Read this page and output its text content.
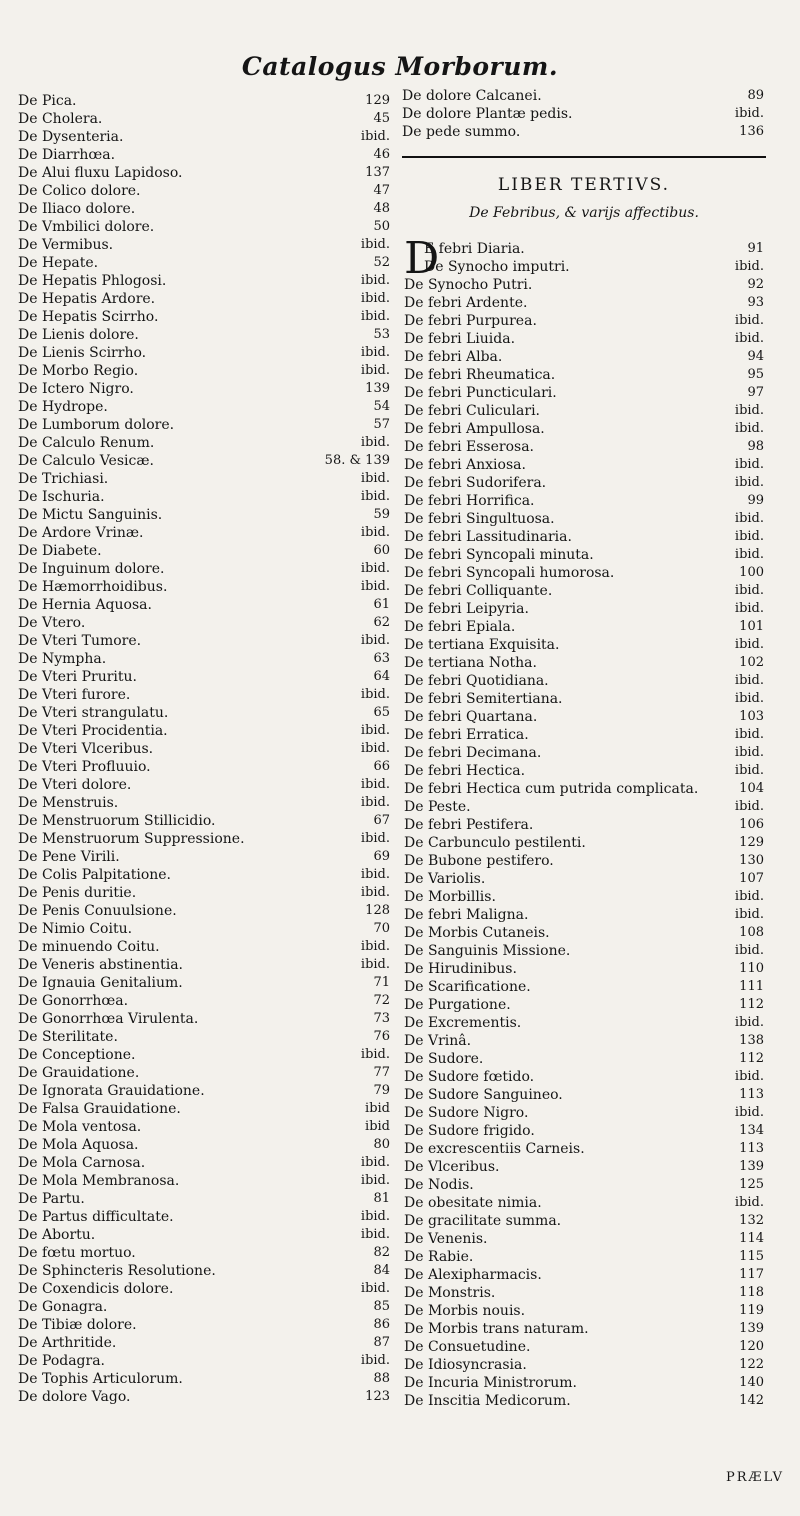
Catalogus Morborum.
De Pica.	129
De Cholera.	45
De Dysenteria.	ibid.
De Diarrhœa.	46
De Alui fluxu Lapidoso.	137
De Colico dolore.	47
De Iliaco dolore.	48
De Vmbilici dolore.	50
De Vermibus.	ibid.
De Hepate.	52
De Hepatis Phlogosi.	ibid.
De Hepatis Ardore.	ibid.
De Hepatis Scirrho.	ibid.
De Lienis dolore.	53
De Lienis Scirrho.	ibid.
De Morbo Regio.	ibid.
De Ictero Nigro.	139
De Hydrope.	54
De Lumborum dolore.	57
De Calculo Renum.	ibid.
De Calculo Vesicæ.	58. & 139
De Trichiasi.	ibid.
De Ischuria.	ibid.
De Mictu Sanguinis.	59
De Ardore Vrinæ.	ibid.
De Diabete.	60
De Inguinum dolore.	ibid.
De Hæmorrhoidibus.	ibid.
De Hernia Aquosa.	61
De Vtero.	62
De Vteri Tumore.	ibid.
De Nympha.	63
De Vteri Pruritu.	64
De Vteri furore.	ibid.
De Vteri strangulatu.	65
De Vteri Procidentia.	ibid.
De Vteri Vlceribus.	ibid.
De Vteri Profluuio.	66
De Vteri dolore.	ibid.
De Menstruis.	ibid.
De Menstruorum Stillicidio.	67
De Menstruorum Suppressione.	ibid.
De Pene Virili.	69
De Colis Palpitatione.	ibid.
De Penis duritie.	ibid.
De Penis Conuulsione.	128
De Nimio Coitu.	70
De minuendo Coitu.	ibid.
De Veneris abstinentia.	ibid.
De Ignauia Genitalium.	71
De Gonorrhœa.	72
De Gonorrhœa Virulenta.	73
De Sterilitate.	76
De Conceptione.	ibid.
De Grauidatione.	77
De Ignorata Grauidatione.	79
De Falsa Grauidatione.	ibid
De Mola ventosa.	ibid
De Mola Aquosa.	80
De Mola Carnosa.	ibid.
De Mola Membranosa.	ibid.
De Partu.	81
De Partus difficultate.	ibid.
De Abortu.	ibid.
De fœtu mortuo.	82
De Sphincteris Resolutione.	84
De Coxendicis dolore.	ibid.
De Gonagra.	85
De Tibiæ dolore.	86
De Arthritide.	87
De Podagra.	ibid.
De Tophis Articulorum.	88
De dolore Vago.	123
De dolore Calcanei.	89
De dolore Plantæ pedis.	ibid.
De pede summo.	136
LIBER TERTIVS.
De Febribus, & varijs affectibus.
D
E febri Diaria.	91
De Synocho imputri.	ibid.
De Synocho Putri.	92
De febri Ardente.	93
De febri Purpurea.	ibid.
De febri Liuida.	ibid.
De febri Alba.	94
De febri Rheumatica.	95
De febri Puncticulari.	97
De febri Culiculari.	ibid.
De febri Ampullosa.	ibid.
De febri Esserosa.	98
De febri Anxiosa.	ibid.
De febri Sudorifera.	ibid.
De febri Horrifica.	99
De febri Singultuosa.	ibid.
De febri Lassitudinaria.	ibid.
De febri Syncopali minuta.	ibid.
De febri Syncopali humorosa.	100
De febri Colliquante.	ibid.
De febri Leipyria.	ibid.
De febri Epiala.	101
De tertiana Exquisita.	ibid.
De tertiana Notha.	102
De febri Quotidiana.	ibid.
De febri Semitertiana.	ibid.
De febri Quartana.	103
De febri Erratica.	ibid.
De febri Decimana.	ibid.
De febri Hectica.	ibid.
De febri Hectica cum putrida complicata.	104
De Peste.	ibid.
De febri Pestifera.	106
De Carbunculo pestilenti.	129
De Bubone pestifero.	130
De Variolis.	107
De Morbillis.	ibid.
De febri Maligna.	ibid.
De Morbis Cutaneis.	108
De Sanguinis Missione.	ibid.
De Hirudinibus.	110
De Scarificatione.	111
De Purgatione.	112
De Excrementis.	ibid.
De Vrinâ.	138
De Sudore.	112
De Sudore fœtido.	ibid.
De Sudore Sanguineo.	113
De Sudore Nigro.	ibid.
De Sudore frigido.	134
De excrescentiis Carneis.	113
De Vlceribus.	139
De Nodis.	125
De obesitate nimia.	ibid.
De gracilitate summa.	132
De Venenis.	114
De Rabie.	115
De Alexipharmacis.	117
De Monstris.	118
De Morbis nouis.	119
De Morbis trans naturam.	139
De Consuetudine.	120
De Idiosyncrasia.	122
De Incuria Ministrorum.	140
De Inscitia Medicorum.	142
PRÆLV
